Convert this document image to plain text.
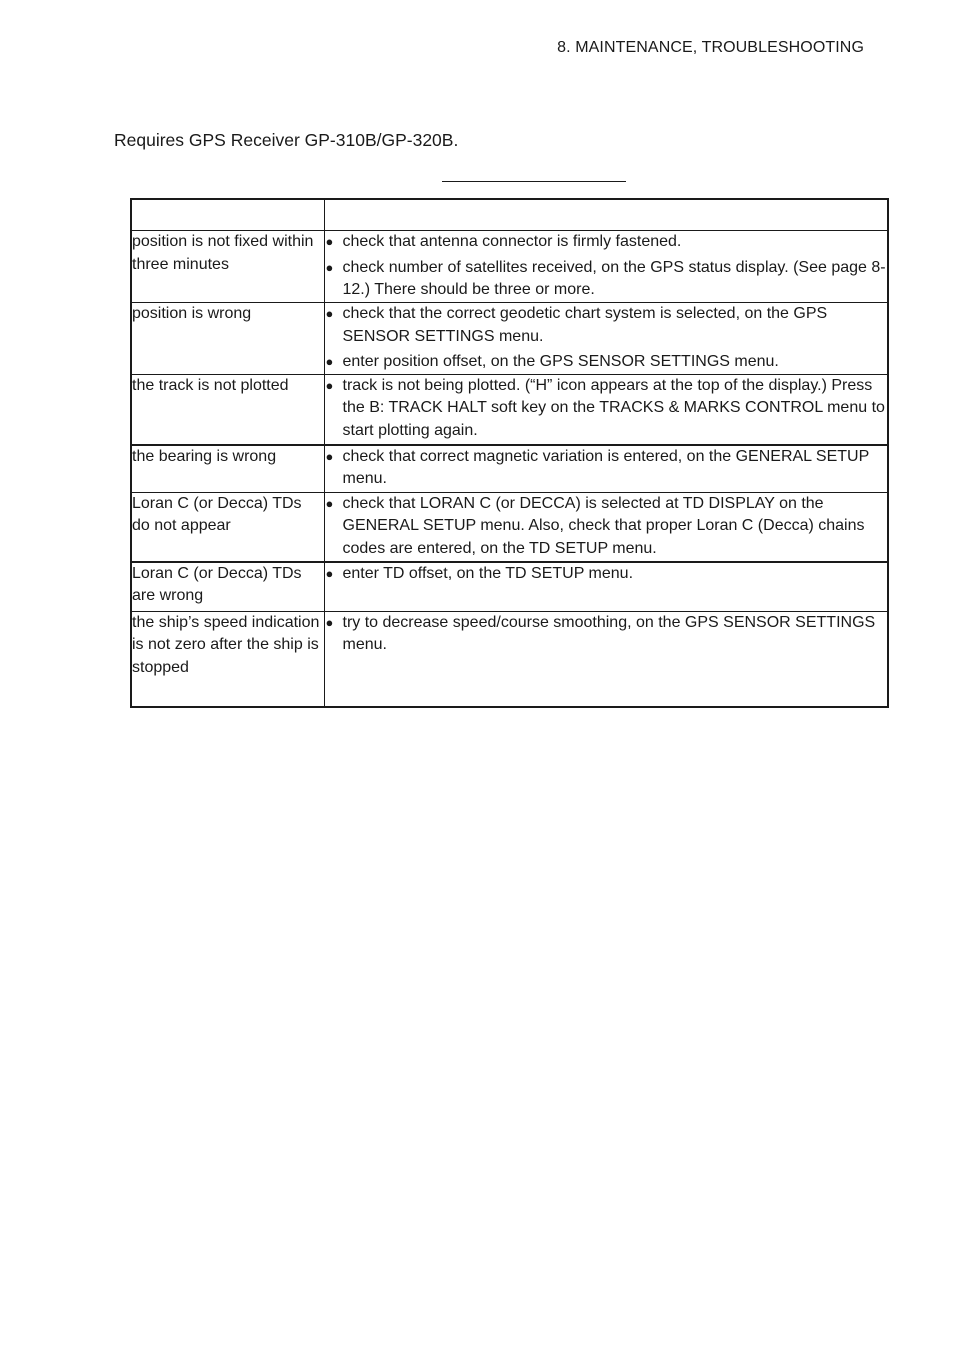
8. MAINTENANCE, TROUBLESHOOTING
Requires GPS Receiver GP-310B/GP-320B.

position is not fixed within three minutes	● check that antenna connector is firmly fastened.
● check number of satellites received, on the GPS status display. (See page 8-12.) There should be three or more.

position is wrong	● check that the correct geodetic chart system is selected, on the GPS SENSOR SETTINGS menu.
● enter position offset, on the GPS SENSOR SETTINGS menu.

the track is not plotted	● track is not being plotted. (“H” icon appears at the top of the display.) Press the B: TRACK HALT soft key on the TRACKS & MARKS CONTROL menu to start plotting again.

the bearing is wrong	● check that correct magnetic variation is entered, on the GENERAL SETUP menu.

Loran C (or Decca) TDs do not appear	● check that LORAN C (or DECCA) is selected at TD DISPLAY on the GENERAL SETUP menu. Also, check that proper Loran C (Decca) chains codes are entered, on the TD SETUP menu.

Loran C (or Decca) TDs are wrong	● enter TD offset, on the TD SETUP menu.

the ship’s speed indication is not zero after the ship is stopped	● try to decrease speed/course smoothing, on the GPS SENSOR SETTINGS menu.
